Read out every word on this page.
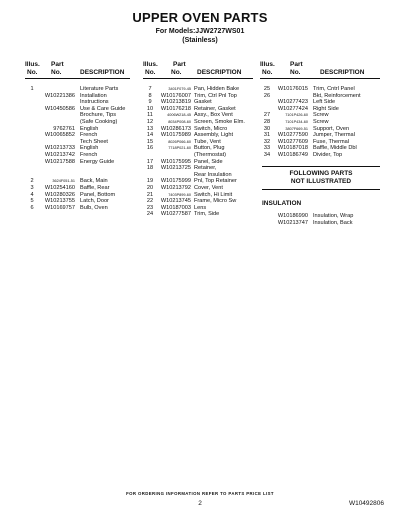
UPPER OVEN PARTS
For Models:JJW2727WS01
(Stainless)
Illus.
No.
Part
No.	DESCRIPTION
1	Literature Parts
W10221386 Installation
Instructions
W10450586 Use & Care Guide
Brochure, Tips
(Safe Cooking)
9762761 English
W10065852 French
Tech Sheet
W10213733 English
W10213742 French
W10217588 Energy Guide
2	3624F051-51 Back, Main
3	W10254160 Baffle, Rear
4	W10280326 Panel, Bottom
5	W10213755 Latch, Door
6	W10169757 Bulb, Oven
Illus.
No.
Part
No. DESCRIPTION
7	3401F079-45 Pan, Hidden Bake
8	W10176007 Trim, Ctrl Pnl Top
9	W10213819 Gasket
10	W10176218 Retainer, Gasket
11	4006W218-45 Assy., Box Vent
12	8034P008-60 Screen, Smoke Elm.
13	W10286173 Switch, Micro
14	W10175989 Assembly, Light
15	8026P066-60 Tube, Vent
16	7718P021-60 Button, Plug
(Thermostat)
17	W10175995 Panel, Side
18	W10213725 Retainer,
Rear Insulation
19	W10175999 Pnl, Top Retainer
20	W10213792 Cover, Vent
21	7403P899-60 Switch, Hi Limit
22	W10213745 Frame, Micro Sw
23	W10187003 Lens
24	W10277587 Trim, Side
Illus.
No.
Part
No.	DESCRIPTION
25	W10176015 Trim, Cntrl Panel
26	Bkt, Reinforcement
W10277423 Left Side
W10277424 Right Side
27	7101P426-60 Screw
28	7101P434-60 Screw
30	3807F669-51 Support, Oven
31	W10277590 Jumper, Thermal
32	W10277609 Fuse, Thermal
33	W10187018 Baffle, Middle Dbl
34	W10186749 Divider, Top
FOLLOWING PARTS
NOT ILLUSTRATED
INSULATION
W10186990 Insulation, Wrap
W10213747 Insulation, Back
FOR ORDERING INFORMATION REFER TO PARTS PRICE LIST
2	W10492806
